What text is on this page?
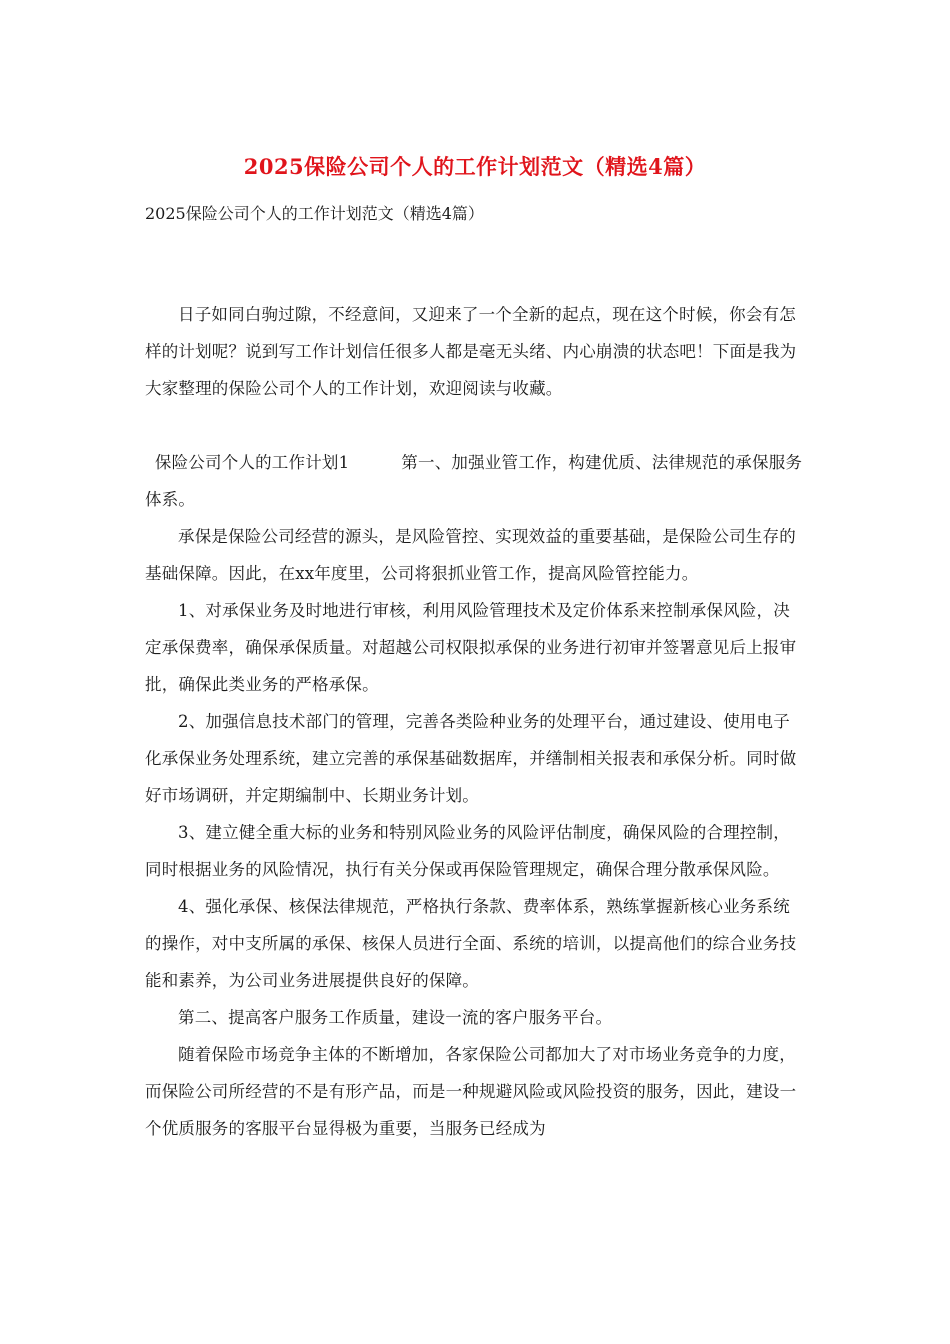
2025保险公司个人的工作计划范文（精选4篇）
2025保险公司个人的工作计划范文（精选4篇）

日子如同白驹过隙，不经意间，又迎来了一个全新的起点，现在这个时候，你会有怎样的计划呢？说到写工作计划信任很多人都是毫无头绪、内心崩溃的状态吧！下面是我为大家整理的保险公司个人的工作计划，欢迎阅读与收藏。

保险公司个人的工作计划1	第一、加强业管工作，构建优质、法律规范的承保服务体系。

承保是保险公司经营的源头，是风险管控、实现效益的重要基础，是保险公司生存的基础保障。因此，在xx年度里，公司将狠抓业管工作，提高风险管控能力。

1、对承保业务及时地进行审核，利用风险管理技术及定价体系来控制承保风险，决定承保费率，确保承保质量。对超越公司权限拟承保的业务进行初审并签署意见后上报审批，确保此类业务的严格承保。

2、加强信息技术部门的管理，完善各类险种业务的处理平台，通过建设、使用电子化承保业务处理系统，建立完善的承保基础数据库，并缮制相关报表和承保分析。同时做好市场调研，并定期编制中、长期业务计划。

3、建立健全重大标的业务和特别风险业务的风险评估制度，确保风险的合理控制，同时根据业务的风险情况，执行有关分保或再保险管理规定，确保合理分散承保风险。

4、强化承保、核保法律规范，严格执行条款、费率体系，熟练掌握新核心业务系统的操作，对中支所属的承保、核保人员进行全面、系统的培训，以提高他们的综合业务技能和素养，为公司业务进展提供良好的保障。

第二、提高客户服务工作质量，建设一流的客户服务平台。

随着保险市场竞争主体的不断增加，各家保险公司都加大了对市场业务竞争的力度，而保险公司所经营的不是有形产品，而是一种规避风险或风险投资的服务，因此，建设一个优质服务的客服平台显得极为重要，当服务已经成为
